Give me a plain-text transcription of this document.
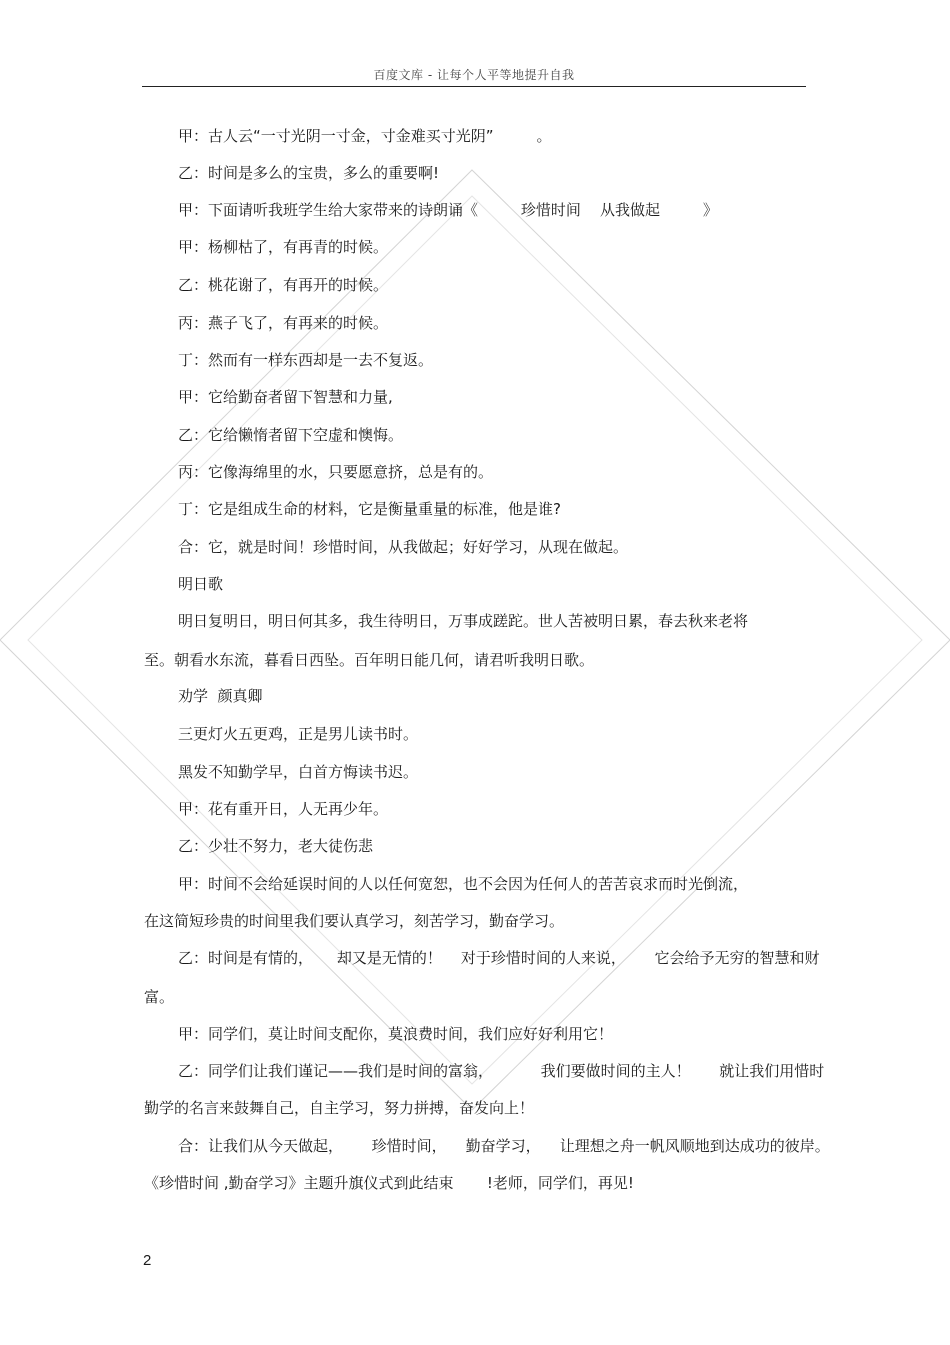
百度文库 - 让每个人平等地提升自我
甲：古人云“一寸光阴一寸金，寸金难买寸光阴”         。
乙：时间是多么的宝贵，多么的重要啊!
甲：下面请听我班学生给大家带来的诗朗诵《         珍惜时间    从我做起         》
甲：杨柳枯了，有再青的时候。
乙：桃花谢了，有再开的时候。
丙：燕子飞了，有再来的时候。
丁：然而有一样东西却是一去不复返。
甲：它给勤奋者留下智慧和力量,
乙：它给懒惰者留下空虚和懊悔。
丙：它像海绵里的水，只要愿意挤，总是有的。
丁：它是组成生命的材料，它是衡量重量的标准，他是谁?
合：它，就是时间！珍惜时间，从我做起；好好学习，从现在做起。
明日歌
明日复明日，明日何其多，我生待明日，万事成蹉跎。世人苦被明日累，春去秋来老将
至。朝看水东流，暮看日西坠。百年明日能几何，请君听我明日歌。
劝学  颜真卿
三更灯火五更鸡，正是男儿读书时。
黑发不知勤学早，白首方悔读书迟。
甲：花有重开日，人无再少年。
乙：少壮不努力，老大徒伤悲
甲：时间不会给延误时间的人以任何宽恕，也不会因为任何人的苦苦哀求而时光倒流，
在这简短珍贵的时间里我们要认真学习，刻苦学习，勤奋学习。
乙：时间是有情的，     却又是无情的！    对于珍惜时间的人来说，      它会给予无穷的智慧和财
富。
甲：同学们，莫让时间支配你，莫浪费时间，我们应好好利用它！
乙：同学们让我们谨记——我们是时间的富翁，          我们要做时间的主人！      就让我们用惜时
勤学的名言来鼓舞自己，自主学习，努力拼搏，奋发向上！
合：让我们从今天做起，      珍惜时间，    勤奋学习，    让理想之舟一帆风顺地到达成功的彼岸。
《珍惜时间 ,勤奋学习》主题升旗仪式到此结束       !老师，同学们，再见!
2
